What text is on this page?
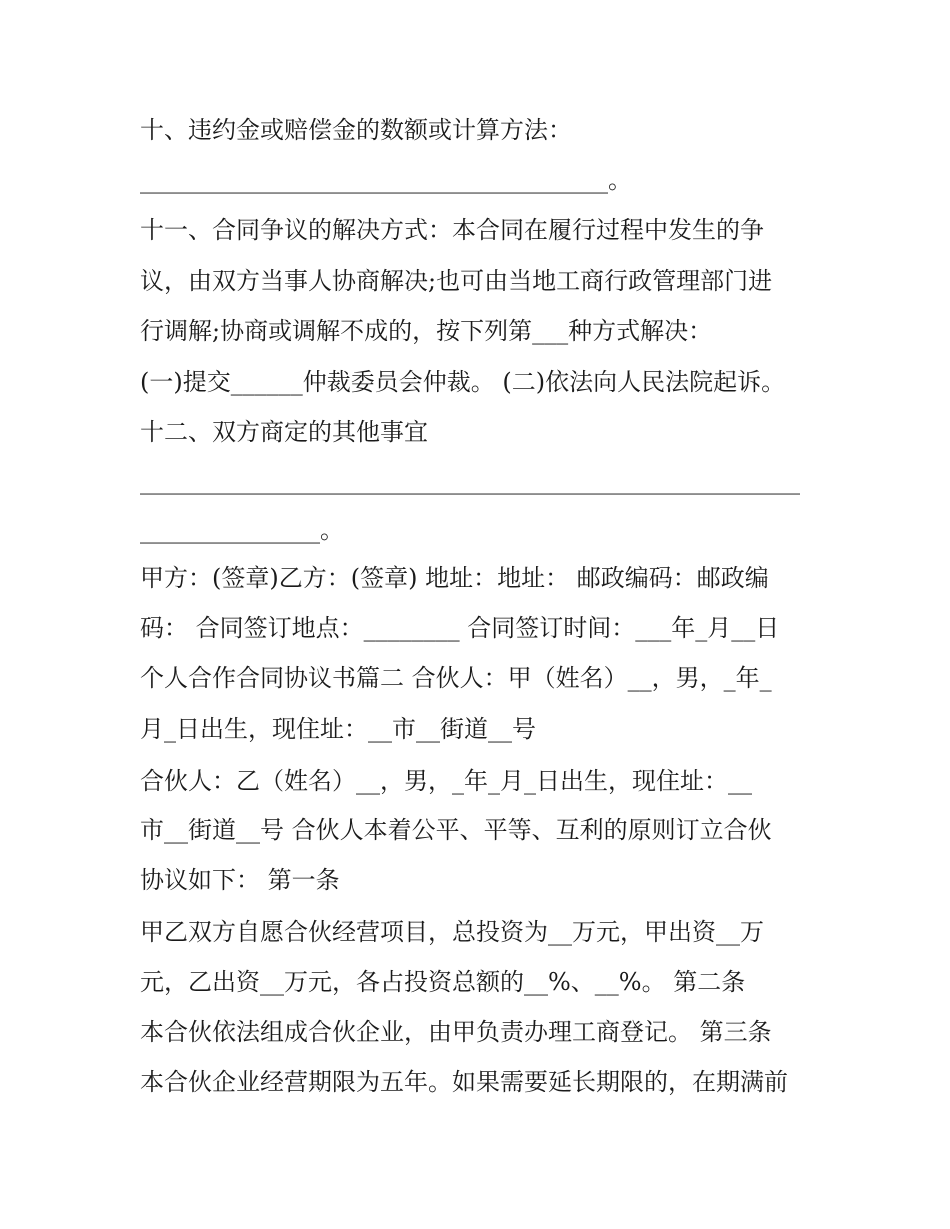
十、违约金或赔偿金的数额或计算方法：

_______________________________________。

十一、合同争议的解决方式：本合同在履行过程中发生的争

议，由双方当事人协商解决;也可由当地工商行政管理部门进

行调解;协商或调解不成的，按下列第___种方式解决：

(一)提交______仲裁委员会仲裁。 (二)依法向人民法院起诉。

十二、双方商定的其他事宜

_______________________________________________________

_______________。

甲方：(签章)乙方：(签章) 地址：地址： 邮政编码：邮政编

码： 合同签订地点：________ 合同签订时间：___年_月__日

个人合作合同协议书篇二 合伙人：甲（姓名）__，男，_年_

月_日出生，现住址：__市__街道__号

合伙人：乙（姓名）__，男，_年_月_日出生，现住址：__

市__街道__号 合伙人本着公平、平等、互利的原则订立合伙

协议如下： 第一条

甲乙双方自愿合伙经营项目，总投资为__万元，甲出资__万

元，乙出资__万元，各占投资总额的__%、__%。 第二条

本合伙依法组成合伙企业，由甲负责办理工商登记。 第三条

本合伙企业经营期限为五年。如果需要延长期限的，在期满前
